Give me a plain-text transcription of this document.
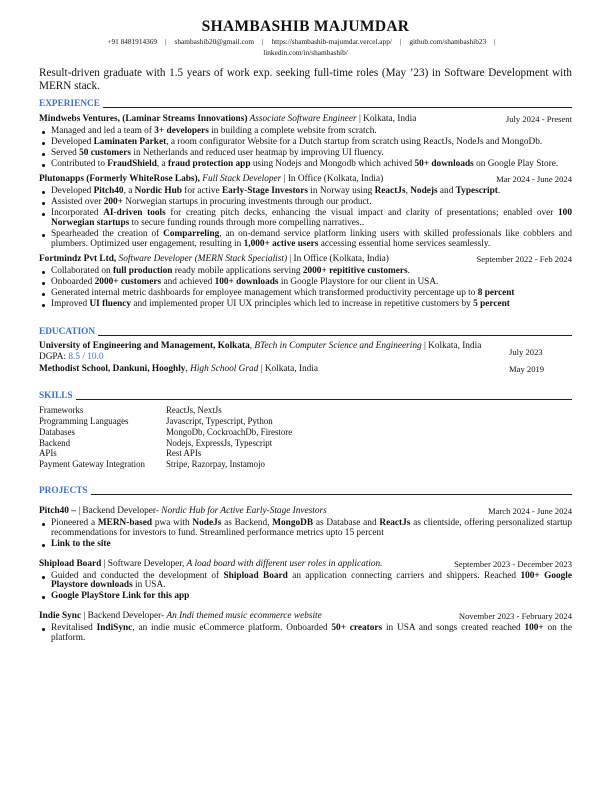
SHAMBASHIB MAJUMDAR
+91 8481914369 | shambashib20@gmail.com | https://shambashib-majumdar.vercel.app/ | github.com/shambashib23 |
linkedin.com/in/shambashib/
Result-driven graduate with 1.5 years of work exp. seeking full-time roles (May ’23) in Software Development with MERN stack.
EXPERIENCE
Mindwebs Ventures, (Laminar Streams Innovations) Associate Software Engineer | Kolkata, India	July 2024 - Present
Managed and led a team of 3+ developers in building a complete website from scratch.
Developed Laminaten Parket, a room configurator Website for a Dutch startup from scratch using ReactJs, NodeJs and MongoDb.
Served 50 customers in Netherlands and reduced user heatmap by improving UI fluency.
Contributed to FraudShield, a fraud protection app using Nodejs and Mongodb which achived 50+ downloads on Google Play Store.
Plutonapps (Formerly WhiteRose Labs), Full Stack Developer | In Office (Kolkata, India)	Mar 2024 - June 2024
Developed Pitch40, a Nordic Hub for active Early-Stage Investors in Norway using ReactJs, Nodejs and Typescript.
Assisted over 200+ Norwegian startups in procuring investments through our product.
Incorporated AI-driven tools for creating pitch decks, enhancing the visual impact and clarity of presentations; enabled over 100 Norwegian startups to secure funding rounds through more compelling narratives..
Spearheaded the creation of Comparreling, an on-demand service platform linking users with skilled professionals like cobblers and plumbers. Optimized user engagement, resulting in 1,000+ active users accessing essential home services seamlessly.
Fortmindz Pvt Ltd, Software Developer (MERN Stack Specialist) | In Office (Kolkata, India)	September 2022 - Feb 2024
Collaborated on full production ready mobile applications serving 2000+ repititive customers.
Onboarded 2000+ customers and achieved 100+ downloads in Google Playstore for our client in USA.
Generated internal metric dashboards for employee management which transformed productivity percentage up to 8 percent
Improved UI fluency and implemented proper UI UX principles which led to increase in repetitive customers by 5 percent
EDUCATION
University of Engineering and Management, Kolkata, BTech in Computer Science and Engineering | Kolkata, India DGPA: 8.5 / 10.0
July 2023
Methodist School, Dankuni, Hooghly, High School Grad | Kolkata, India	May 2019
SKILLS
Frameworks	ReactJs, NextJs
Programming Languages	Javascript, Typescript, Python
Databases	MongoDb, CockroachDb, Firestore
Backend	Nodejs, ExpressJs, Typescript
APIs	Rest APIs
Payment Gateway Integration	Stripe, Razorpay, Instamojo
PROJECTS
Pitch40 – | Backend Developer- Nordic Hub for Active Early-Stage Investors	March 2024 - June 2024
Pioneered a MERN-based pwa with NodeJs as Backend, MongoDB as Database and ReactJs as clientside, offering personalized startup recommendations for investors to fund. Streamlined performance metrics upto 15 percent
Link to the site
Shipload Board | Software Developer, A load board with different user roles in application.	September 2023 - December 2023
Guided and conducted the development of Shipload Board an application connecting carriers and shippers. Reached 100+ Google Playstore downloads in USA.
Google PlayStore Link for this app
Indie Sync | Backend Developer- An Indi themed music ecommerce website	November 2023 - February 2024
Revitalised IndiSync, an indie music eCommerce platform. Onboarded 50+ creators in USA and songs created reached 100+ on the platform.
